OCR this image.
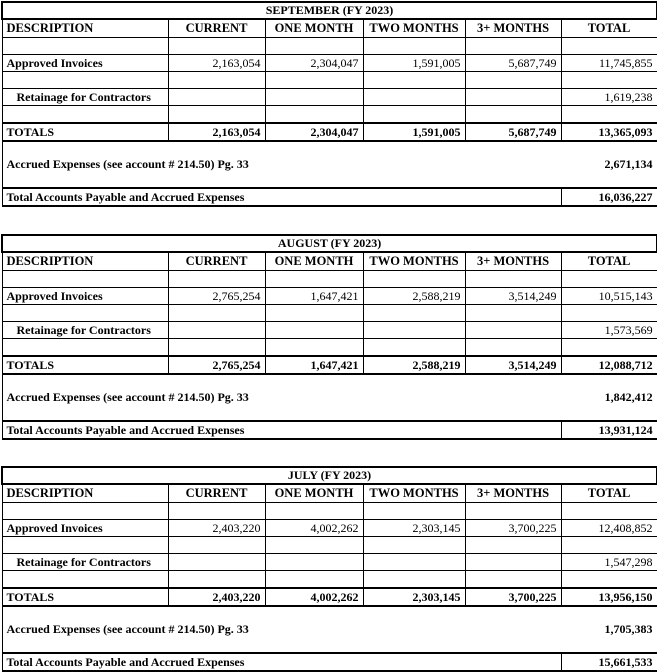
SEPTEMBER (FY 2023)					
DESCRIPTION	CURRENT	ONE MONTH	TWO MONTHS	3+ MONTHS	TOTAL

Approved Invoices	2,163,054	2,304,047	1,591,005	5,687,749	11,745,855

Retainage for Contractors					1,619,238

TOTALS	2,163,054	2,304,047	1,591,005	5,687,749	13,365,093
Accrued Expenses (see account # 214.50) Pg. 33					2,671,134
Total Accounts Payable and Accrued Expenses					16,036,227
AUGUST (FY 2023)					
DESCRIPTION	CURRENT	ONE MONTH	TWO MONTHS	3+ MONTHS	TOTAL

Approved Invoices	2,765,254	1,647,421	2,588,219	3,514,249	10,515,143

Retainage for Contractors					1,573,569

TOTALS	2,765,254	1,647,421	2,588,219	3,514,249	12,088,712
Accrued Expenses (see account # 214.50) Pg. 33					1,842,412
Total Accounts Payable and Accrued Expenses					13,931,124
JULY (FY 2023)					
DESCRIPTION	CURRENT	ONE MONTH	TWO MONTHS	3+ MONTHS	TOTAL

Approved Invoices	2,403,220	4,002,262	2,303,145	3,700,225	12,408,852

Retainage for Contractors					1,547,298

TOTALS	2,403,220	4,002,262	2,303,145	3,700,225	13,956,150
Accrued Expenses (see account # 214.50) Pg. 33					1,705,383
Total Accounts Payable and Accrued Expenses					15,661,533
